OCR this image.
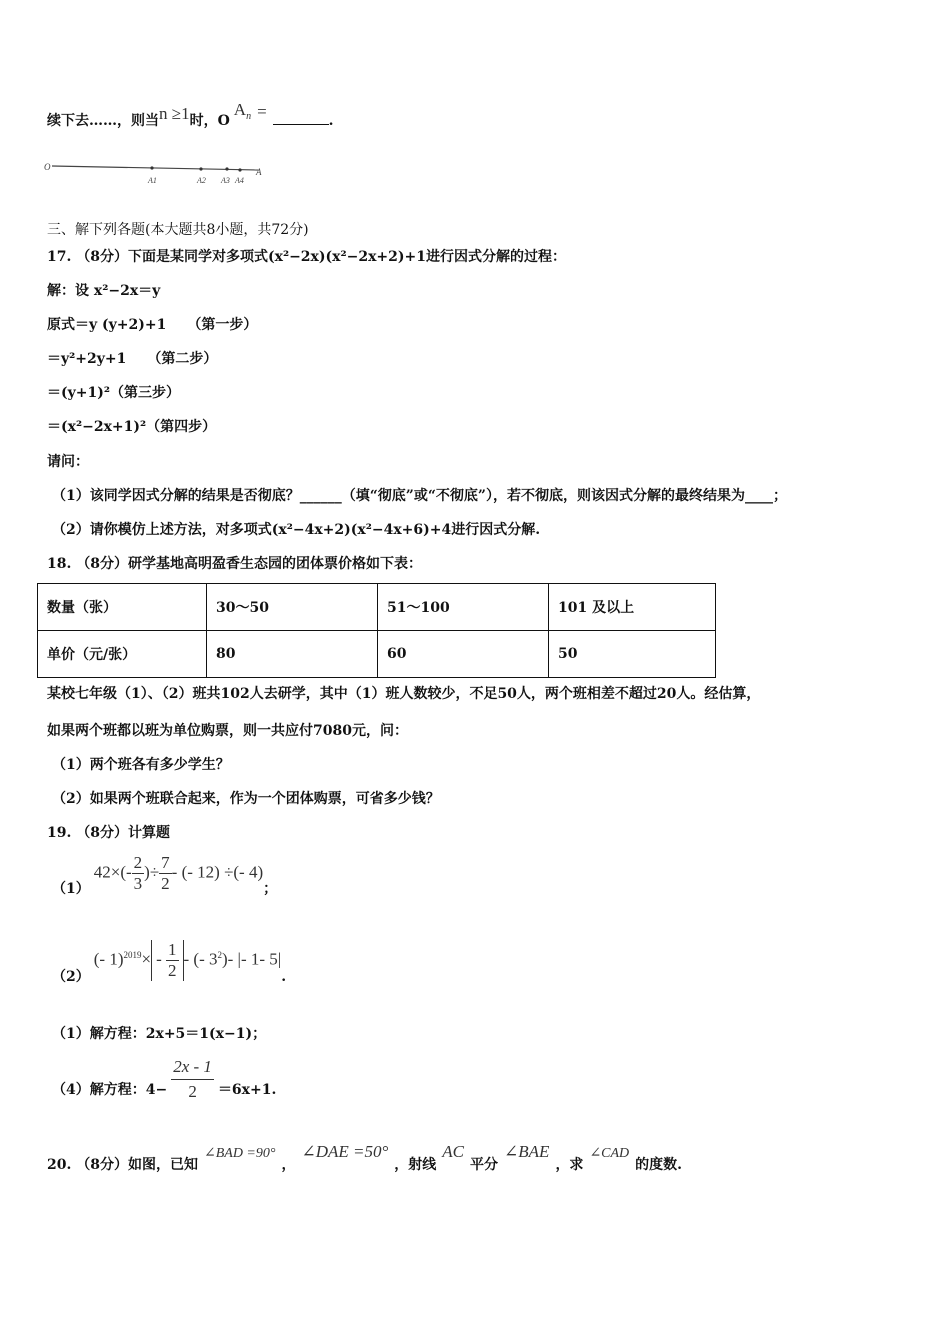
续下去……，则当n ≥1时，$OA^n$ =	.
O
A1	A2 A3 A4
A
三、解下列各题(本大题共8小题，共72分)
17. （8分）下面是某同学对多项式(x²−2x)(x²−2x+2)+1进行因式分解的过程：
解：设 x²−2x＝y
原式＝y (y+2)+1　　（第一步）
＝y²+2y+1　　（第二步）
＝(y+1)²（第三步）
＝(x²−2x+1)²（第四步）
请问：
（1）该同学因式分解的结果是否彻底？______（填“彻底”或“不彻底”），若不彻底，则该因式分解的最终结果为____；
（2）请你模仿上述方法，对多项式(x²−4x+2)(x²−4x+6)+4进行因式分解.
18. （8分）研学基地高明盈香生态园的团体票价格如下表：
数量（张）	30～50	51～100	101 及以上
单价（元/张）	80	60	50
某校七年级（1）、（2）班共102人去研学，其中（1）班人数较少，不足50人，两个班相差不超过20人。经估算，
如果两个班都以班为单位购票，则一共应付7080元，问：
（1）两个班各有多少学生？
（2）如果两个班联合起来，作为一个团体购票，可省多少钱？
19. （8分）计算题
$(1)42\times(- \frac{2}{3}$ )÷ $\frac{7}{2}$ - (- 12) ÷(- 4)；
（2）(- $1)^{2019}\times - \frac{1}{2}$ - (- $3^2)-$ |- 1- 5|.
（1）解方程：2x+5＝1(x−1)；
（4）解方程：$4- \frac{2x - 1}{2} =6x+1$.
20. （8分）如图，已知∠BAD =90°，∠DAE =50°，射线AC平分∠BAE，求∠CAD的度数.
